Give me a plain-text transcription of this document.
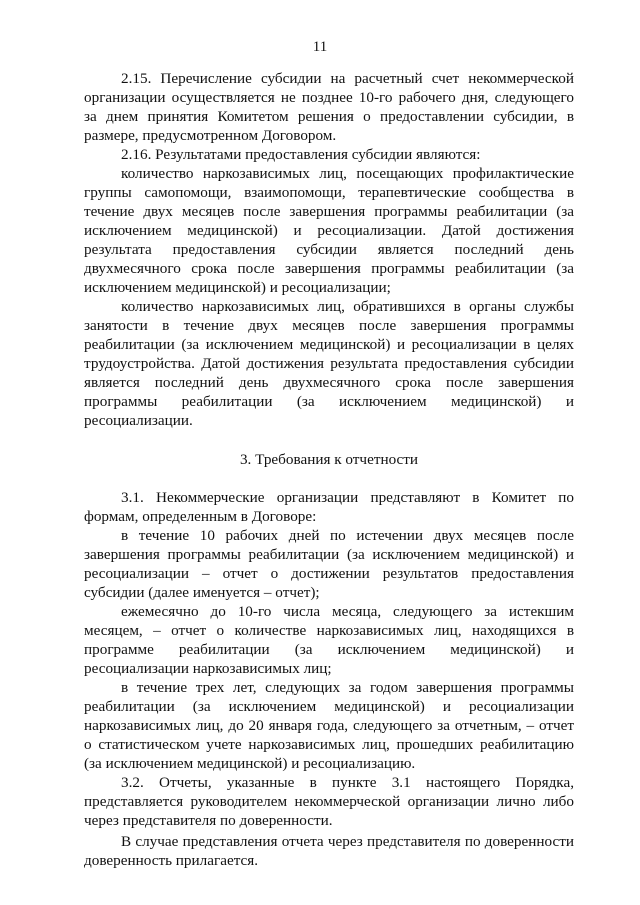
11

2.15. Перечисление субсидии на расчетный счет некоммерческой организации осуществляется не позднее 10-го рабочего дня, следующего за днем принятия Комитетом решения о предоставлении субсидии, в размере, предусмотренном Договором.

2.16. Результатами предоставления субсидии являются:

количество наркозависимых лиц, посещающих профилактические группы самопомощи, взаимопомощи, терапевтические сообщества в течение двух месяцев после завершения программы реабилитации (за исключением медицинской) и ресоциализации. Датой достижения результата предоставления субсидии является последний день двухмесячного срока после завершения программы реабилитации (за исключением медицинской) и ресоциализации;

количество наркозависимых лиц, обратившихся в органы службы занятости в течение двух месяцев после завершения программы реабилитации (за исключением медицинской) и ресоциализации в целях трудоустройства. Датой достижения результата предоставления субсидии является последний день двухмесячного срока после завершения программы реабилитации (за исключением медицинской) и ресоциализации.

3. Требования к отчетности

3.1. Некоммерческие организации представляют в Комитет по формам, определенным в Договоре:

в течение 10 рабочих дней по истечении двух месяцев после завершения программы реабилитации (за исключением медицинской) и ресоциализации – отчет о достижении результатов предоставления субсидии (далее именуется – отчет);

ежемесячно до 10-го числа месяца, следующего за истекшим месяцем, – отчет о количестве наркозависимых лиц, находящихся в программе реабилитации (за исключением медицинской) и ресоциализации наркозависимых лиц;

в течение трех лет, следующих за годом завершения программы реабилитации (за исключением медицинской) и ресоциализации наркозависимых лиц, до 20 января года, следующего за отчетным, – отчет о статистическом учете наркозависимых лиц, прошедших реабилитацию (за исключением медицинской) и ресоциализацию.

3.2. Отчеты, указанные в пункте 3.1 настоящего Порядка, представляется руководителем некоммерческой организации лично либо через представителя по доверенности.

В случае представления отчета через представителя по доверенности доверенность прилагается.
